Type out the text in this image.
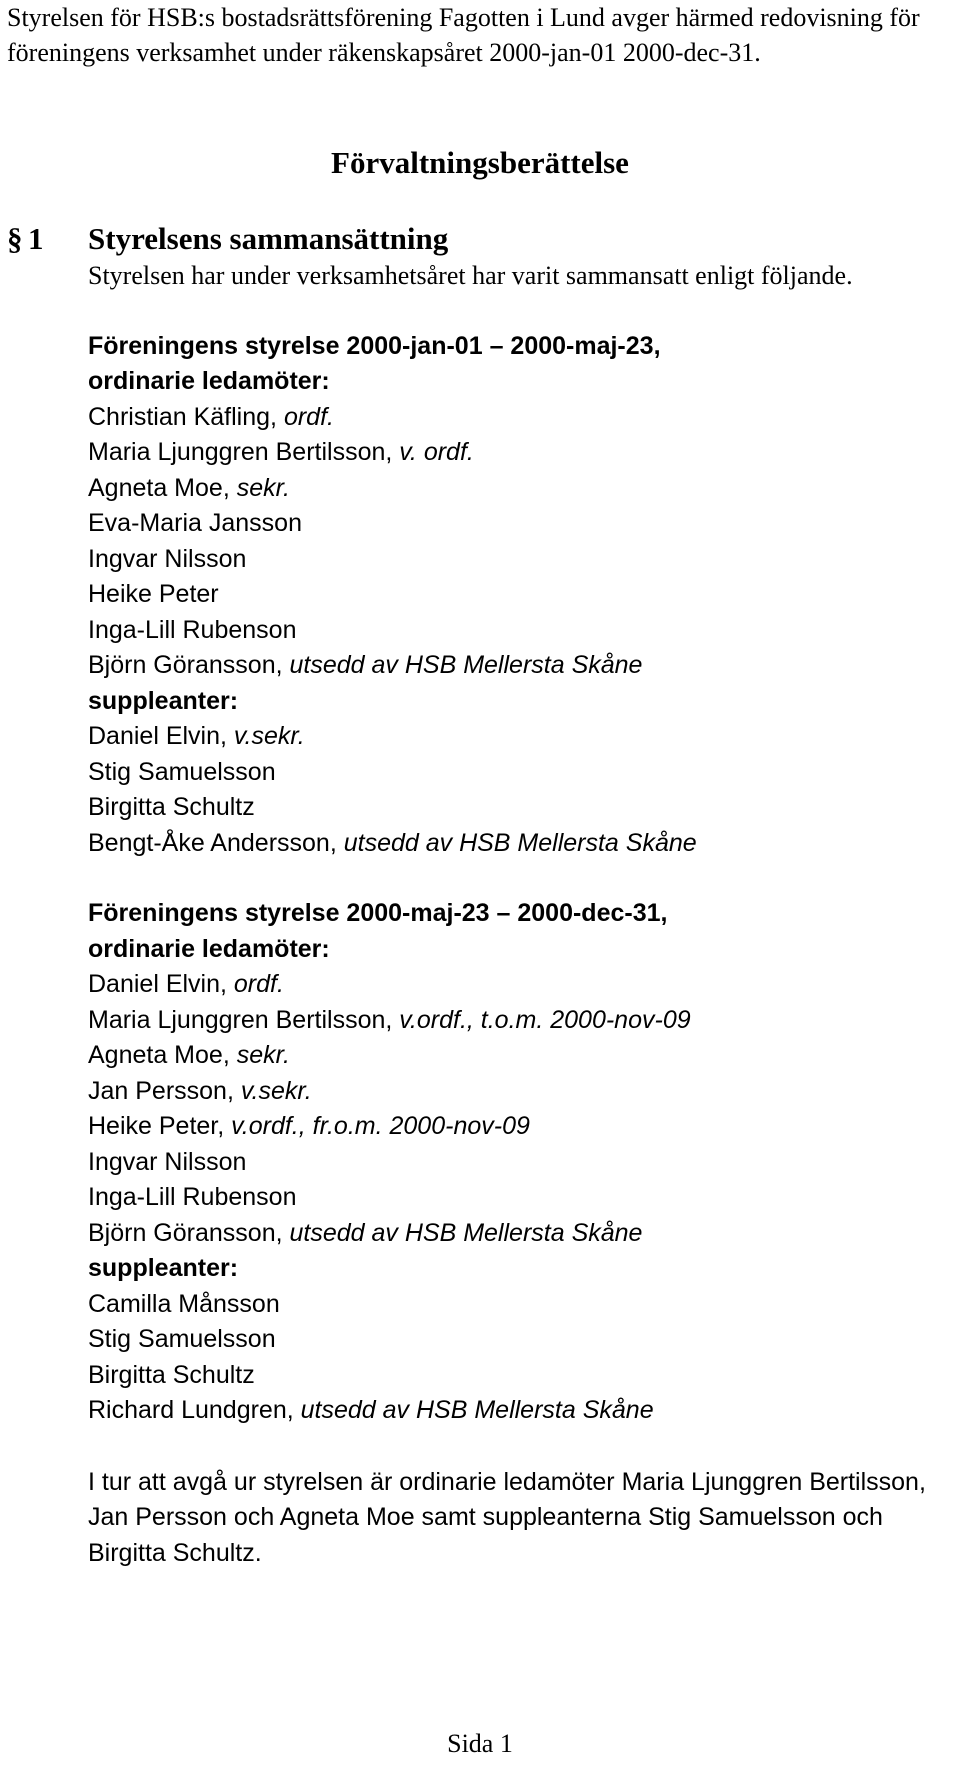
Styrelsen för HSB:s bostadsrättsförening Fagotten i Lund avger härmed redovisning för föreningens verksamhet under räkenskapsåret 2000-jan-01 2000-dec-31.
Förvaltningsberättelse
§ 1 Styrelsens sammansättning
Styrelsen har under verksamhetsåret har varit sammansatt enligt följande.
Föreningens styrelse 2000-jan-01 – 2000-maj-23,
ordinarie ledamöter:
Christian Käfling, ordf.
Maria Ljunggren Bertilsson, v. ordf.
Agneta Moe, sekr.
Eva-Maria Jansson
Ingvar Nilsson
Heike Peter
Inga-Lill Rubenson
Björn Göransson, utsedd av HSB Mellersta Skåne
suppleanter:
Daniel Elvin, v.sekr.
Stig Samuelsson
Birgitta Schultz
Bengt-Åke Andersson, utsedd av HSB Mellersta Skåne
Föreningens styrelse 2000-maj-23 – 2000-dec-31,
ordinarie ledamöter:
Daniel Elvin, ordf.
Maria Ljunggren Bertilsson, v.ordf., t.o.m. 2000-nov-09
Agneta Moe, sekr.
Jan Persson, v.sekr.
Heike Peter, v.ordf., fr.o.m. 2000-nov-09
Ingvar Nilsson
Inga-Lill Rubenson
Björn Göransson, utsedd av HSB Mellersta Skåne
suppleanter:
Camilla Månsson
Stig Samuelsson
Birgitta Schultz
Richard Lundgren, utsedd av HSB Mellersta Skåne
I tur att avgå ur styrelsen är ordinarie ledamöter Maria Ljunggren Bertilsson, Jan Persson och Agneta Moe samt suppleanterna Stig Samuelsson och Birgitta Schultz.
Sida 1
